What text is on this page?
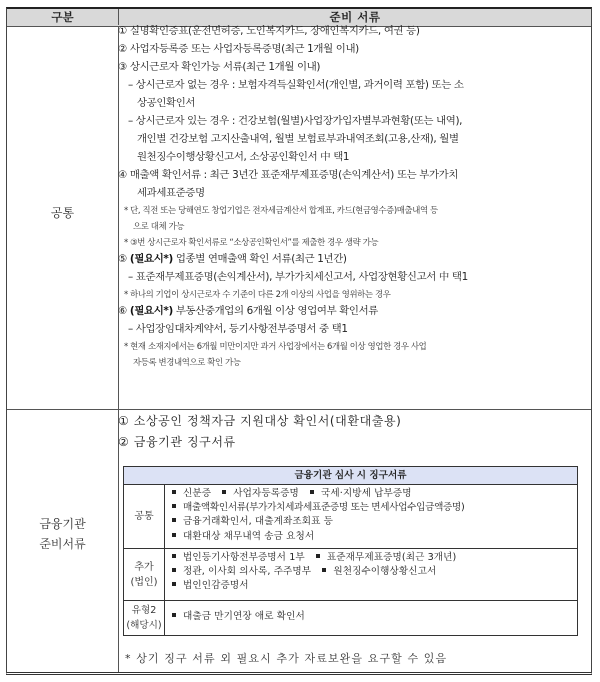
구분	준비 서류
공통
① 실명확인증표(운전면허증, 노인복지카드, 장애인복지카드, 여권 등)
② 사업자등록증 또는 사업자등록증명(최근 1개월 이내)
③ 상시근로자 확인가능 서류(최근 1개월 이내)
– 상시근로자 없는 경우 : 보험자격득실확인서(개인별, 과거이력 포함) 또는 소
상공인확인서
– 상시근로자 있는 경우 : 건강보험(월별)사업장가입자별부과현황(또는 내역),
개인별 건강보험 고지산출내역, 월별 보험료부과내역조회(고용,산재), 월별
원천징수이행상황신고서, 소상공인확인서 中 택1
④ 매출액 확인서류 : 최근 3년간 표준재무제표증명(손익계산서) 또는 부가가치
세과세표준증명
* 단, 직전 또는 당해연도 창업기업은 전자세금계산서 합계표, 카드(현금영수증)매출내역 등
으로 대체 가능
* ③번 상시근로자 확인서류로 “소상공인확인서”를 제출한 경우 생략 가능
⑤ (필요시*) 업종별 연매출액 확인 서류(최근 1년간)
– 표준재무제표증명(손익계산서), 부가가치세신고서, 사업장현황신고서 中 택1
* 하나의 기업이 상시근로자 수 기준이 다른 2개 이상의 사업을 영위하는 경우
⑥ (필요시*) 부동산중개업의 6개월 이상 영업여부 확인서류
– 사업장임대차계약서, 등기사항전부증명서 중 택1
* 현재 소재지에서는 6개월 미만이지만 과거 사업장에서는 6개월 이상 영업한 경우 사업
자등록 변경내역으로 확인 가능
금융기관
준비서류
① 소상공인 정책자금 지원대상 확인서(대환대출용)
② 금융기관 징구서류
금융기관 심사 시 징구서류
공통
신분증 사업자등록증명 국세·지방세 납부증명
매출액확인서류(부가가치세과세표준증명 또는 면세사업수입금액증명)
금융거래확인서, 대출계좌조회표 등
대환대상 채무내역 송금 요청서
추가
(법인)
법인등기사항전부증명서 1부 표준재무제표증명(최근 3개년)
정관, 이사회 의사록, 주주명부 원천징수이행상황신고서
법인인감증명서
유형2
(해당시)
대출금 만기연장 애로 확인서
* 상기 징구 서류 외 필요시 추가 자료보완을 요구할 수 있음
